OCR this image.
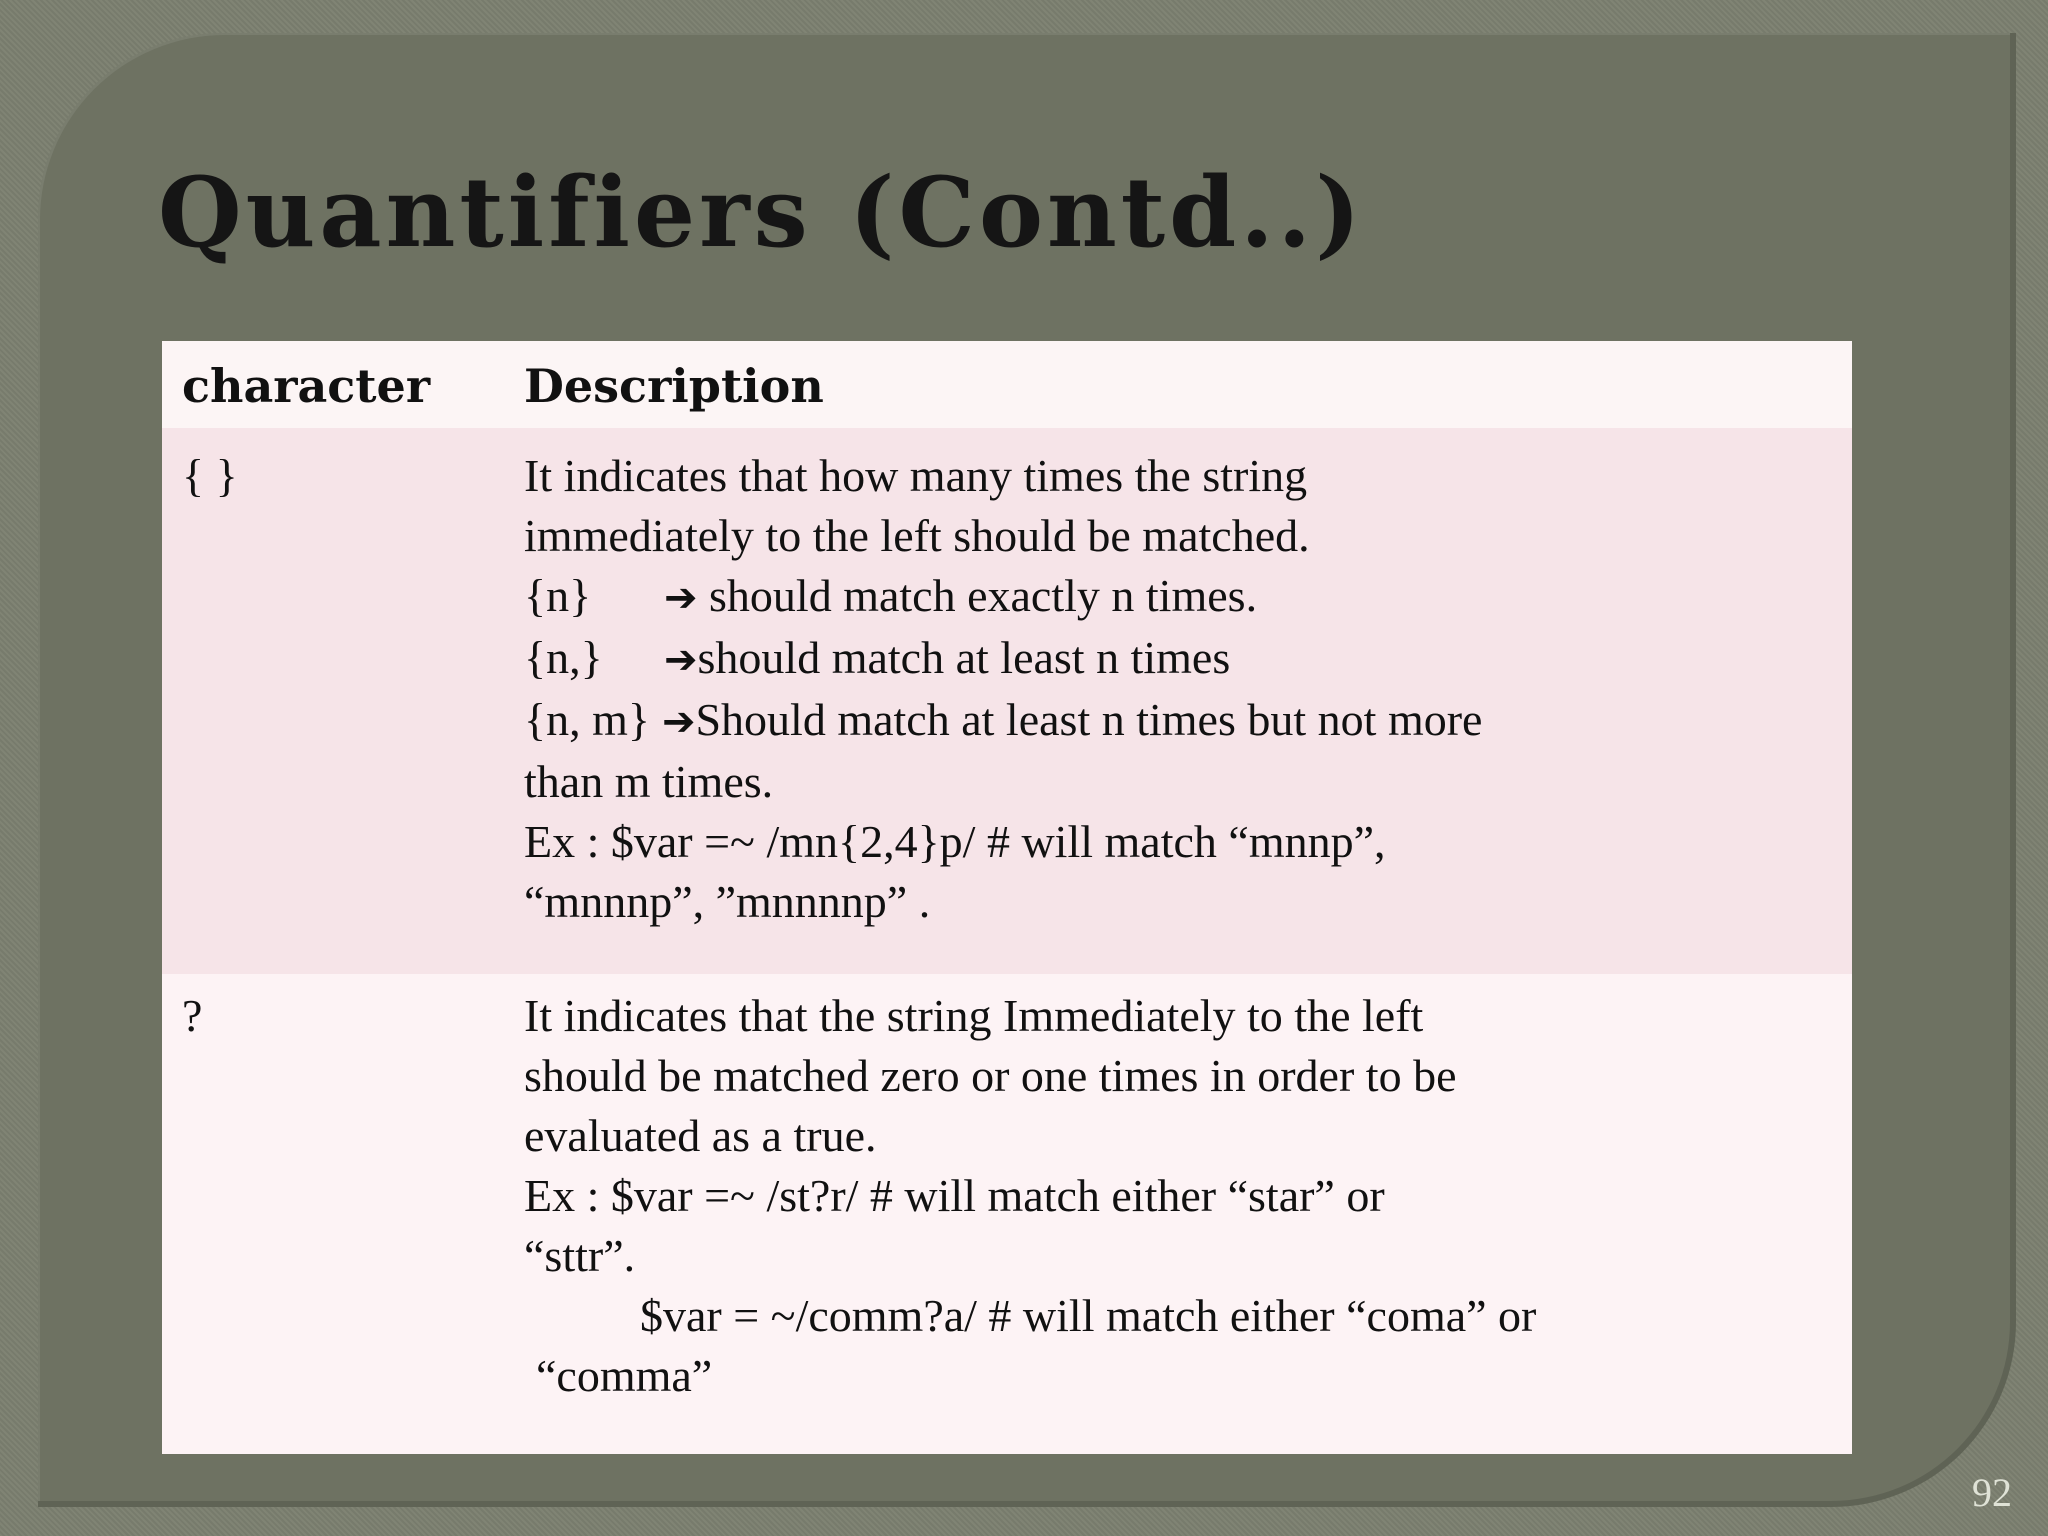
Quantifiers (Contd..)
character Description
{ }	It indicates that how many times the string
immediately to the left should be matched.
{n} ➔ should match exactly n times.
{n,} ➔should match at least n times
{n, m} ➔Should match at least n times but not more
than m times.
Ex : $var =~ /mn{2,4}p/ # will match “mnnp”,
“mnnnp”, ”mnnnnp” .
?	It indicates that the string Immediately to the left
should be matched zero or one times in order to be
evaluated as a true.
Ex : $var =~ /st?r/ # will match either “star” or
“sttr”.
$var = ~/comm?a/ # will match either “coma” or
“comma”
92
